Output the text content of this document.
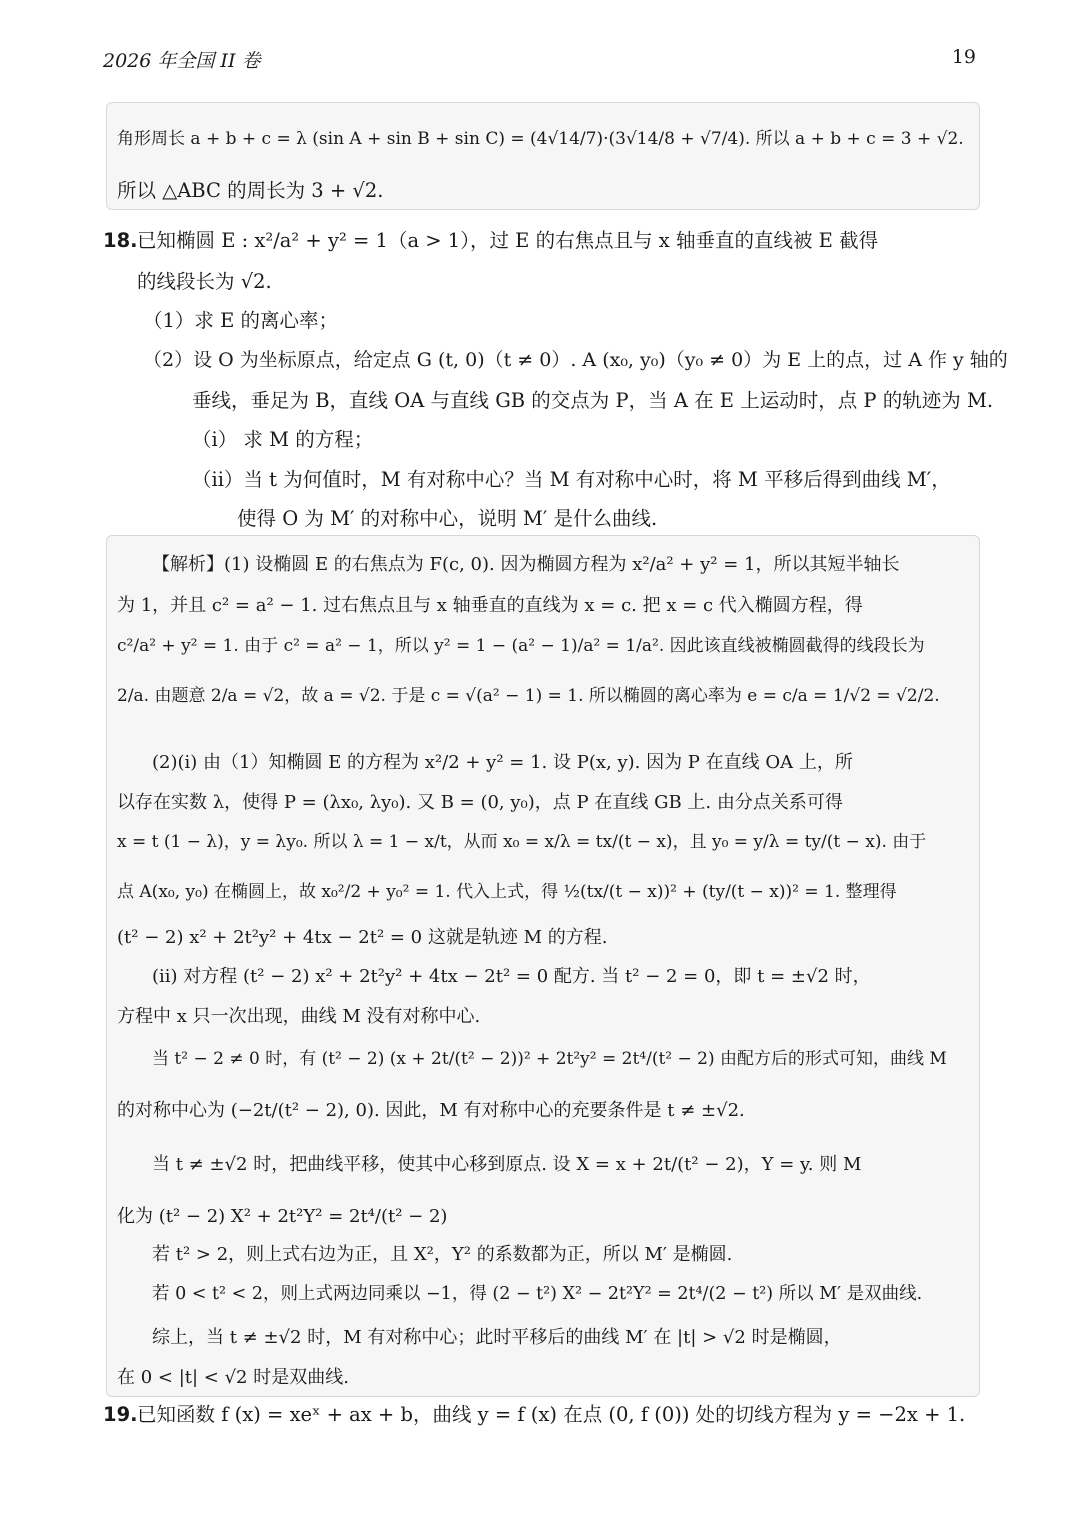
2026 年全国 II 卷	19
角形周长 a + b + c = λ (sin A + sin B + sin C) = (4√14/7)·(3√14/8 + √7/4). 所以 a + b + c = 3 + √2.
所以 △ABC 的周长为 3 + √2.
18. 已知椭圆 E : x²/a² + y² = 1（a > 1），过 E 的右焦点且与 x 轴垂直的直线被 E 截得
的线段长为 √2.
（1）求 E 的离心率；
（2）设 O 为坐标原点，给定点 G (t, 0)（t ≠ 0）. A (x₀, y₀)（y₀ ≠ 0）为 E 上的点，过 A 作 y 轴的
垂线，垂足为 B，直线 OA 与直线 GB 的交点为 P，当 A 在 E 上运动时，点 P 的轨迹为 M.
（i） 求 M 的方程；
（ii）当 t 为何值时，M 有对称中心？当 M 有对称中心时，将 M 平移后得到曲线 M′，
使得 O 为 M′ 的对称中心，说明 M′ 是什么曲线.
【解析】(1) 设椭圆 E 的右焦点为 F(c, 0). 因为椭圆方程为 x²/a² + y² = 1，所以其短半轴长
为 1，并且 c² = a² − 1. 过右焦点且与 x 轴垂直的直线为 x = c. 把 x = c 代入椭圆方程，得
c²/a² + y² = 1. 由于 c² = a² − 1，所以 y² = 1 − (a² − 1)/a² = 1/a². 因此该直线被椭圆截得的线段长为
2/a. 由题意 2/a = √2，故 a = √2. 于是 c = √(a² − 1) = 1. 所以椭圆的离心率为 e = c/a = 1/√2 = √2/2.
(2)(i) 由（1）知椭圆 E 的方程为 x²/2 + y² = 1. 设 P(x, y). 因为 P 在直线 OA 上，所
以存在实数 λ，使得 P = (λx₀, λy₀). 又 B = (0, y₀)，点 P 在直线 GB 上. 由分点关系可得
x = t (1 − λ)，y = λy₀. 所以 λ = 1 − x/t，从而 x₀ = x/λ = tx/(t − x)，且 y₀ = y/λ = ty/(t − x). 由于
点 A(x₀, y₀) 在椭圆上，故 x₀²/2 + y₀² = 1. 代入上式，得 ½(tx/(t − x))² + (ty/(t − x))² = 1. 整理得
(t² − 2) x² + 2t²y² + 4tx − 2t² = 0 这就是轨迹 M 的方程.
(ii) 对方程 (t² − 2) x² + 2t²y² + 4tx − 2t² = 0 配方. 当 t² − 2 = 0，即 t = ±√2 时，
方程中 x 只一次出现，曲线 M 没有对称中心.
当 t² − 2 ≠ 0 时，有 (t² − 2) (x + 2t/(t² − 2))² + 2t²y² = 2t⁴/(t² − 2) 由配方后的形式可知，曲线 M
的对称中心为 (−2t/(t² − 2), 0). 因此，M 有对称中心的充要条件是 t ≠ ±√2.
当 t ≠ ±√2 时，把曲线平移，使其中心移到原点. 设 X = x + 2t/(t² − 2)，Y = y. 则 M
化为 (t² − 2) X² + 2t²Y² = 2t⁴/(t² − 2)
若 t² > 2，则上式右边为正，且 X²，Y² 的系数都为正，所以 M′ 是椭圆.
若 0 < t² < 2，则上式两边同乘以 −1，得 (2 − t²) X² − 2t²Y² = 2t⁴/(2 − t²) 所以 M′ 是双曲线.
综上，当 t ≠ ±√2 时，M 有对称中心；此时平移后的曲线 M′ 在 |t| > √2 时是椭圆，
在 0 < |t| < √2 时是双曲线.
19. 已知函数 f (x) = xeˣ + ax + b，曲线 y = f (x) 在点 (0, f (0)) 处的切线方程为 y = −2x + 1.
